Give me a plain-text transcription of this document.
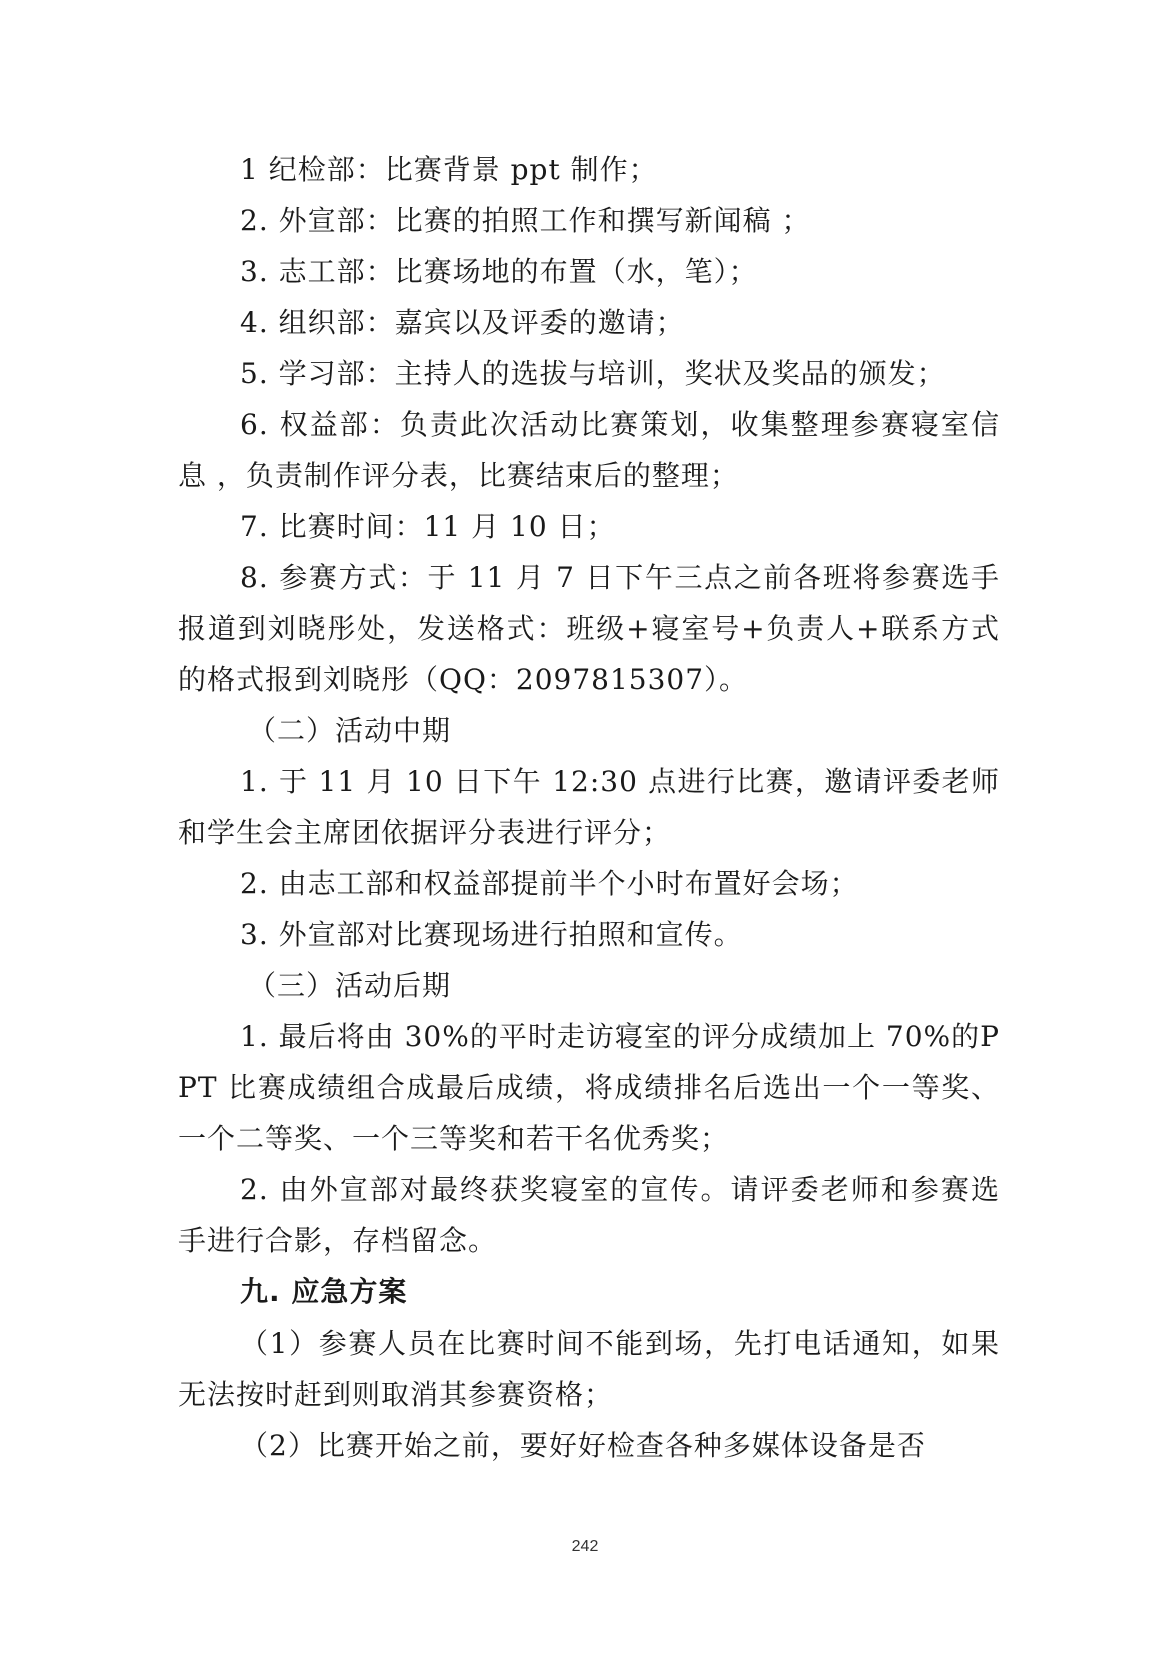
1 纪检部：比赛背景 ppt 制作；

2. 外宣部：比赛的拍照工作和撰写新闻稿 ；

3. 志工部：比赛场地的布置（水，笔）；

4. 组织部：嘉宾以及评委的邀请；

5. 学习部：主持人的选拔与培训，奖状及奖品的颁发；

6. 权益部：负责此次活动比赛策划，收集整理参赛寝室信息 ，负责制作评分表，比赛结束后的整理；

7. 比赛时间：11 月 10 日；

8. 参赛方式：于 11 月 7 日下午三点之前各班将参赛选手报道到刘晓彤处，发送格式：班级+寝室号+负责人+联系方式 的格式报到刘晓彤（QQ：2097815307）。

（二）活动中期

1. 于 11 月 10 日下午 12:30 点进行比赛，邀请评委老师和学生会主席团依据评分表进行评分；

2. 由志工部和权益部提前半个小时布置好会场；

3. 外宣部对比赛现场进行拍照和宣传。

（三）活动后期

1. 最后将由 30%的平时走访寝室的评分成绩加上 70%的PPT 比赛成绩组合成最后成绩，将成绩排名后选出一个一等奖、一个二等奖、一个三等奖和若干名优秀奖；

2. 由外宣部对最终获奖寝室的宣传。请评委老师和参赛选手进行合影，存档留念。

九. 应急方案

（1）参赛人员在比赛时间不能到场，先打电话通知，如果无法按时赶到则取消其参赛资格；

（2）比赛开始之前，要好好检查各种多媒体设备是否

242
